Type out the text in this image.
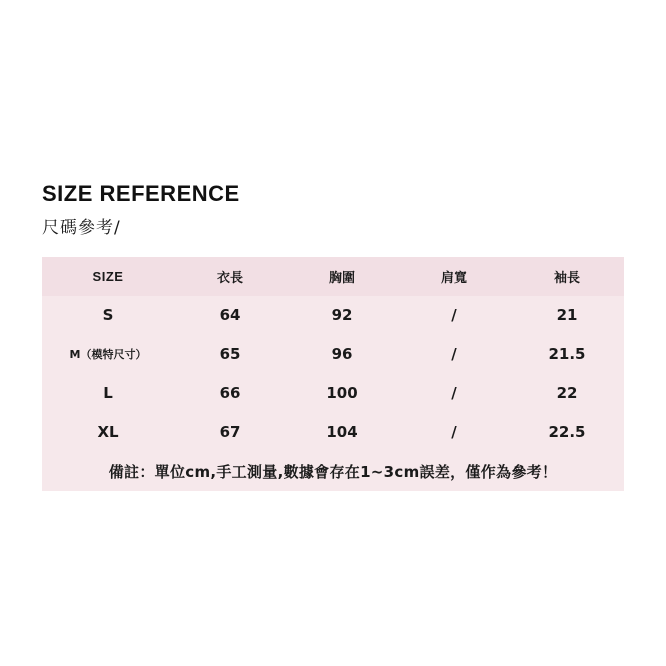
SIZE REFERENCE
尺碼參考/
SIZE	衣長	胸圍	肩寬	袖長
S	64	92	/	21
M（模特尺寸）	65	96	/	21.5
L	66	100	/	22
XL	67	104	/	22.5
備註：單位cm,手工測量,數據會存在1~3cm誤差，僅作為參考！				
